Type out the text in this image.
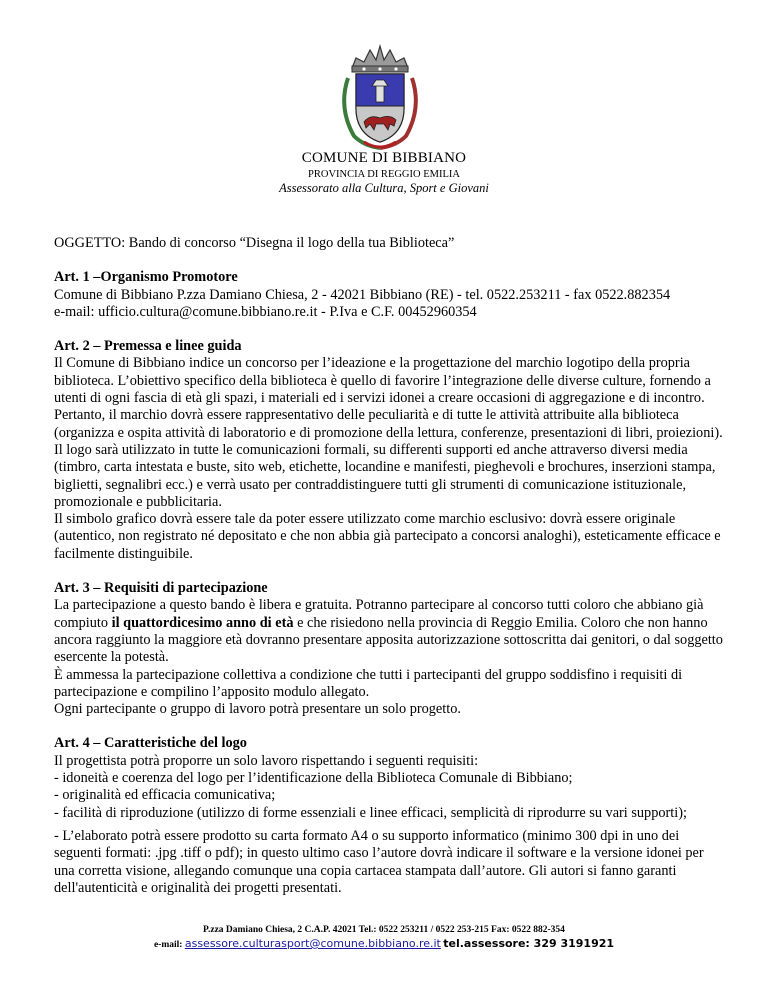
COMUNE DI BIBBIANO
PROVINCIA DI REGGIO EMILIA
Assessorato alla Cultura, Sport e Giovani

OGGETTO: Bando di concorso “Disegna il logo della tua Biblioteca”

Art. 1 –Organismo Promotore

Comune di Bibbiano P.zza Damiano Chiesa, 2 - 42021 Bibbiano (RE) - tel. 0522.253211 - fax 0522.882354

e-mail: ufficio.cultura@comune.bibbiano.re.it - P.Iva e C.F. 00452960354

Art. 2 – Premessa e linee guida

Il Comune di Bibbiano indice un concorso per l’ideazione e la progettazione del marchio logotipo della propria biblioteca. L’obiettivo specifico della biblioteca è quello di favorire l’integrazione delle diverse culture, fornendo a utenti di ogni fascia di età gli spazi, i materiali ed i servizi idonei a creare occasioni di aggregazione e di incontro. Pertanto, il marchio dovrà essere rappresentativo delle peculiarità e di tutte le attività attribuite alla biblioteca (organizza e ospita attività di laboratorio e di promozione della lettura, conferenze, presentazioni di libri, proiezioni).

Il logo sarà utilizzato in tutte le comunicazioni formali, su differenti supporti ed anche attraverso diversi media (timbro, carta intestata e buste, sito web, etichette, locandine e manifesti, pieghevoli e brochures, inserzioni stampa, biglietti, segnalibri ecc.) e verrà usato per contraddistinguere tutti gli strumenti di comunicazione istituzionale, promozionale e pubblicitaria.

Il simbolo grafico dovrà essere tale da poter essere utilizzato come marchio esclusivo: dovrà essere originale (autentico, non registrato né depositato e che non abbia già partecipato a concorsi analoghi), esteticamente efficace e facilmente distinguibile.

Art. 3 – Requisiti di partecipazione

La partecipazione a questo bando è libera e gratuita. Potranno partecipare al concorso tutti coloro che abbiano già compiuto il quattordicesimo anno di età e che risiedono nella provincia di Reggio Emilia. Coloro che non hanno ancora raggiunto la maggiore età dovranno presentare apposita autorizzazione sottoscritta dai genitori, o dal soggetto esercente la potestà.

È ammessa la partecipazione collettiva a condizione che tutti i partecipanti del gruppo soddisfino i requisiti di partecipazione e compilino l’apposito modulo allegato.

Ogni partecipante o gruppo di lavoro potrà presentare un solo progetto.

Art. 4 – Caratteristiche del logo

Il progettista potrà proporre un solo lavoro rispettando i seguenti requisiti:

- idoneità e coerenza del logo per l’identificazione della Biblioteca Comunale di Bibbiano;

- originalità ed efficacia comunicativa;

- facilità di riproduzione (utilizzo di forme essenziali e linee efficaci, semplicità di riprodurre su vari supporti);

- L’elaborato potrà essere prodotto su carta formato A4 o su supporto informatico (minimo 300 dpi in uno dei seguenti formati: .jpg .tiff o pdf); in questo ultimo caso l’autore dovrà indicare il software e la versione idonei per una corretta visione, allegando comunque una copia cartacea stampata dall’autore. Gli autori si fanno garanti dell'autenticità e originalità dei progetti presentati.

P.zza Damiano Chiesa, 2 C.A.P. 42021 Tel.: 0522 253211 / 0522 253-215 Fax: 0522 882-354
e-mail: assessore.culturasport@comune.bibbiano.re.it tel.assessore: 329 3191921
